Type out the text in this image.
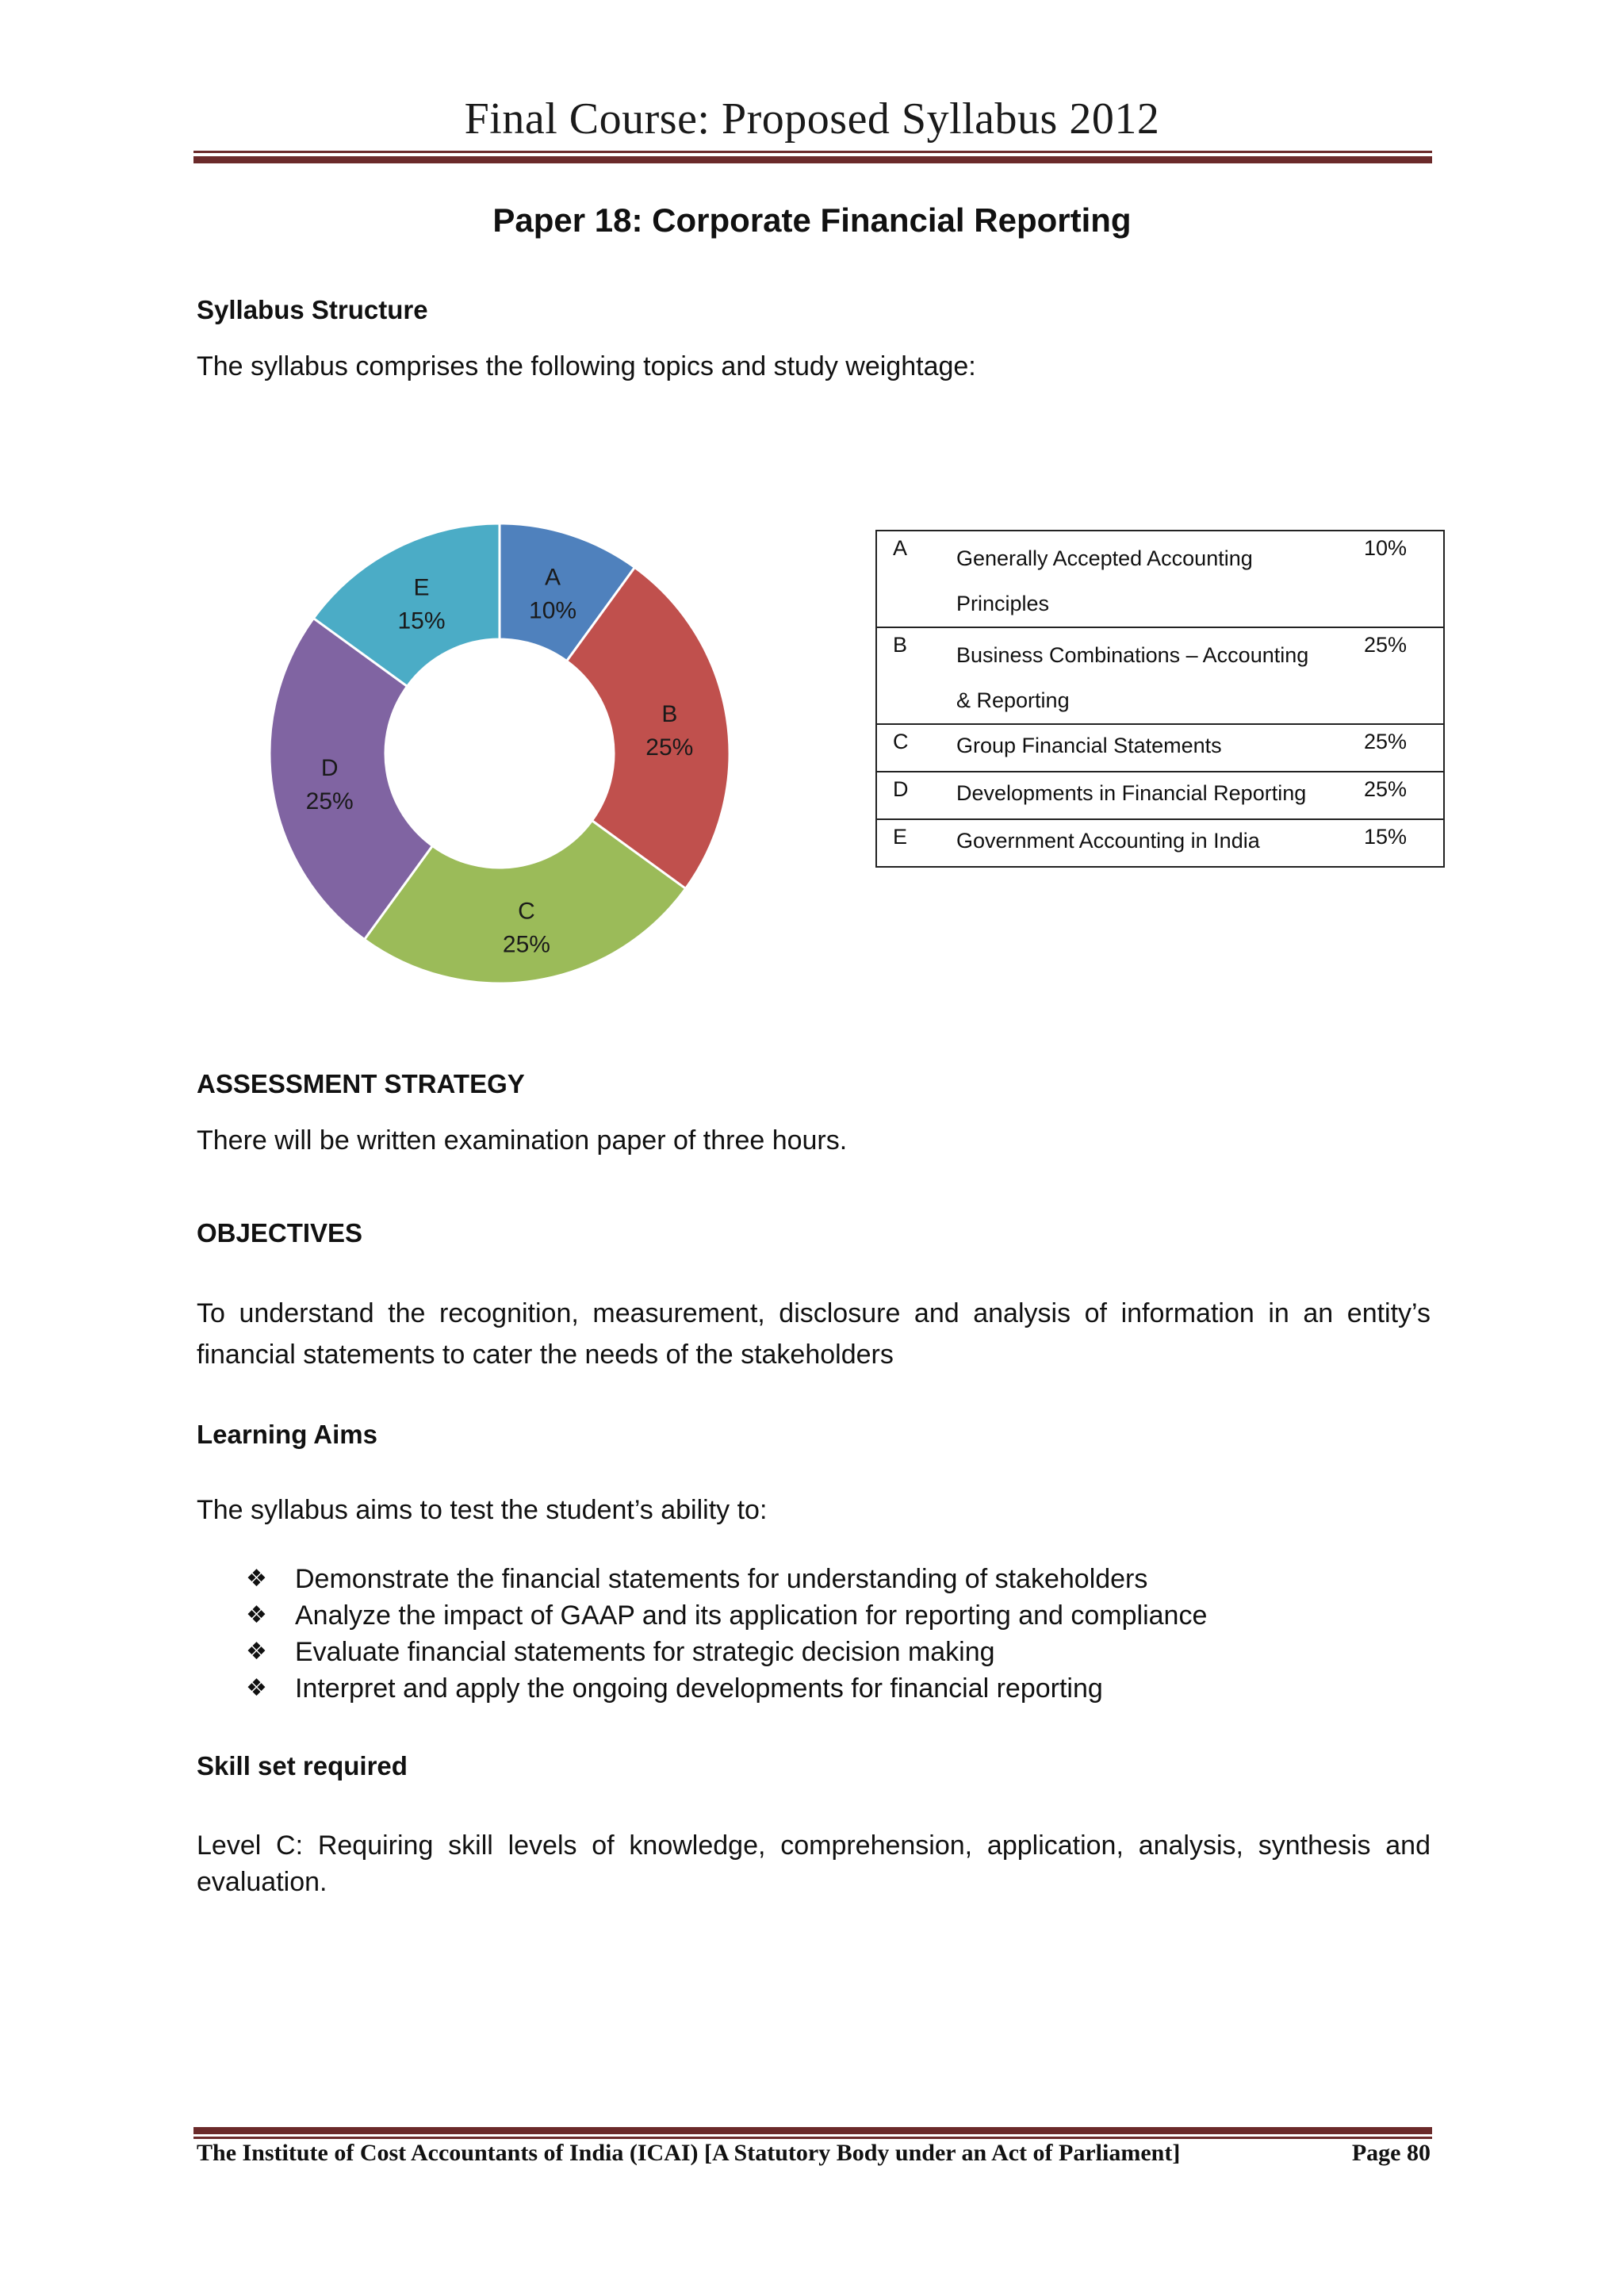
Final Course: Proposed Syllabus 2012
Paper 18: Corporate Financial Reporting
Syllabus Structure
The syllabus comprises the following topics and study weightage:
A
10%
B
25%
C
25%
D
25%
E
15%
A	Generally Accepted Accounting
Principles	10%
B	Business Combinations – Accounting
& Reporting	25%
C	Group Financial Statements	25%
D	Developments in Financial Reporting	25%
E	Government Accounting in India	15%
ASSESSMENT STRATEGY
There will be written examination paper of three hours.
OBJECTIVES
To understand the recognition, measurement, disclosure and analysis of information in an entity’s financial statements to cater the needs of the stakeholders
Learning Aims
The syllabus aims to test the student’s ability to:
❖	Demonstrate the financial statements for understanding of stakeholders
❖	Analyze the impact of GAAP and its application for reporting and compliance
❖	Evaluate financial statements for strategic decision making
❖	Interpret and apply the ongoing developments for financial reporting
Skill set required
Level C: Requiring skill levels of knowledge, comprehension, application, analysis, synthesis and evaluation.
The Institute of Cost Accountants of India (ICAI) [A Statutory Body under an Act of Parliament]	Page 80
